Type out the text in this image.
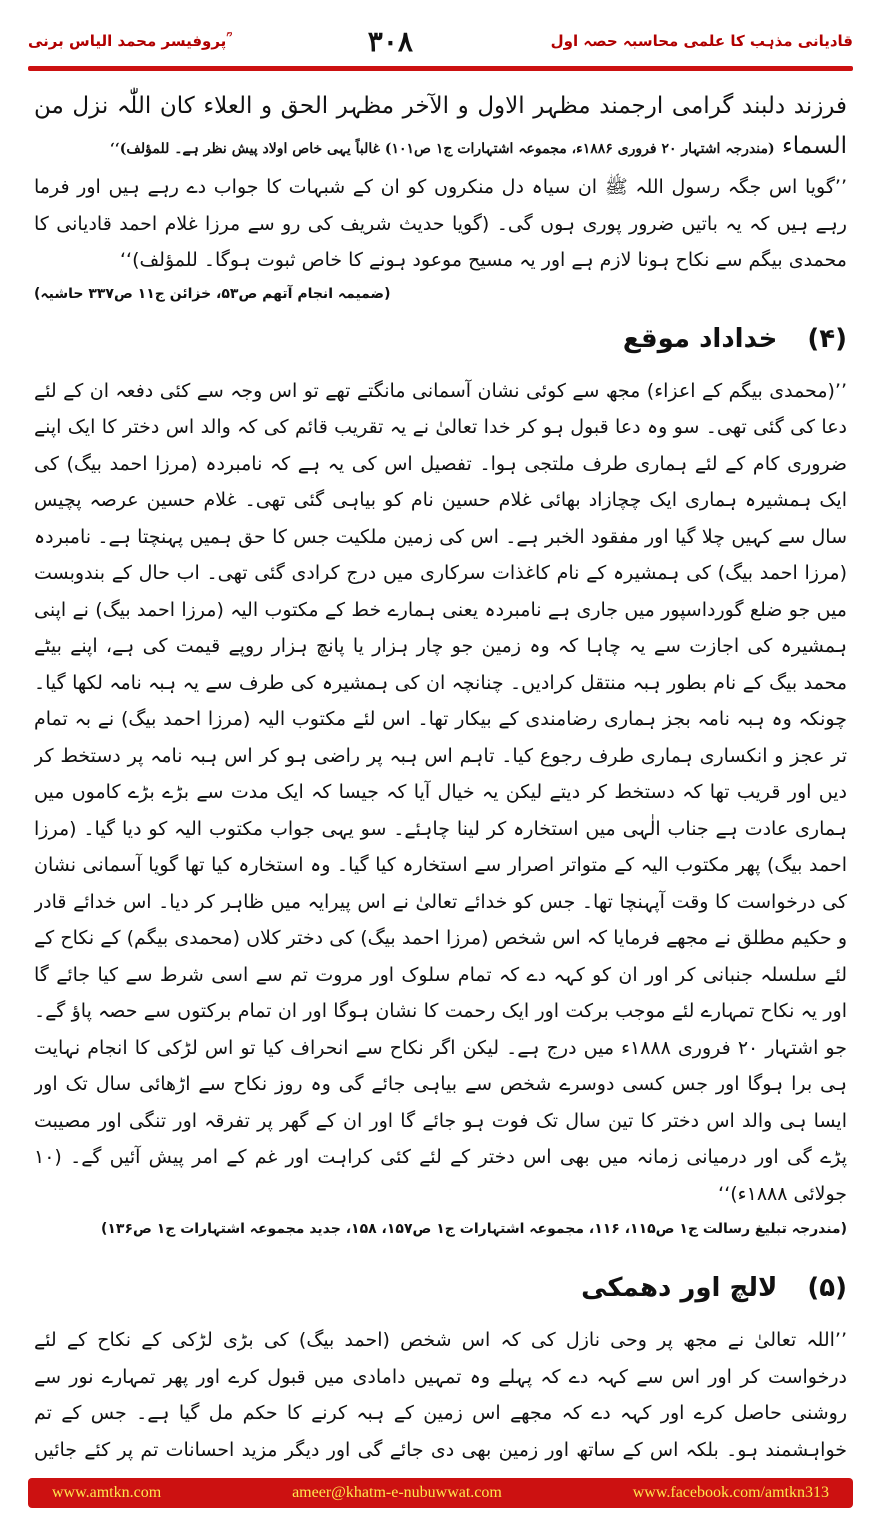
پروفیسر محمد الیاس برنی ؒ	۳۰۸	قادیانی مذہب کا علمی محاسبہ حصہ اول

فرزند دلبند گرامی ارجمند مظہر الاول و الآخر مظہر الحق و العلاء کان اللّٰہ نزل من السماء (مندرجہ اشتہار ۲۰ فروری ۱۸۸۶ء، مجموعہ اشتہارات ج۱ ص۱۰۱) غالباً یہی خاص اولاد پیش نظر ہے۔ للمؤلف)‘‘

’’گویا اس جگہ رسول اللہ ﷺ ان سیاہ دل منکروں کو ان کے شبہات کا جواب دے رہے ہیں اور فرما رہے ہیں کہ یہ باتیں ضرور پوری ہوں گی۔ (گویا حدیث شریف کی رو سے مرزا غلام احمد قادیانی کا محمدی بیگم سے نکاح ہونا لازم ہے اور یہ مسیح موعود ہونے کا خاص ثبوت ہوگا۔ للمؤلف)‘‘

(ضمیمہ انجام آتھم ص۵۳، خزائن ج۱۱ ص۳۳۷ حاشیہ)

(۴)
خداداد موقع

’’(محمدی بیگم کے اعزاء) مجھ سے کوئی نشان آسمانی مانگتے تھے تو اس وجہ سے کئی دفعہ ان کے لئے دعا کی گئی تھی۔ سو وہ دعا قبول ہو کر خدا تعالیٰ نے یہ تقریب قائم کی کہ والد اس دختر کا ایک اپنے ضروری کام کے لئے ہماری طرف ملتجی ہوا۔ تفصیل اس کی یہ ہے کہ نامبردہ (مرزا احمد بیگ) کی ایک ہمشیرہ ہماری ایک چچازاد بھائی غلام حسین نام کو بیاہی گئی تھی۔ غلام حسین عرصہ پچیس سال سے کہیں چلا گیا اور مفقود الخبر ہے۔ اس کی زمین ملکیت جس کا حق ہمیں پہنچتا ہے۔ نامبردہ (مرزا احمد بیگ) کی ہمشیرہ کے نام کاغذات سرکاری میں درج کرادی گئی تھی۔ اب حال کے بندوبست میں جو ضلع گورداسپور میں جاری ہے نامبردہ یعنی ہمارے خط کے مکتوب الیہ (مرزا احمد بیگ) نے اپنی ہمشیرہ کی اجازت سے یہ چاہا کہ وہ زمین جو چار ہزار یا پانچ ہزار روپے قیمت کی ہے، اپنے بیٹے محمد بیگ کے نام بطور ہبہ منتقل کرادیں۔ چنانچہ ان کی ہمشیرہ کی طرف سے یہ ہبہ نامہ لکھا گیا۔ چونکہ وہ ہبہ نامہ بجز ہماری رضامندی کے بیکار تھا۔ اس لئے مکتوب الیہ (مرزا احمد بیگ) نے بہ تمام تر عجز و انکساری ہماری طرف رجوع کیا۔ تاہم اس ہبہ پر راضی ہو کر اس ہبہ نامہ پر دستخط کر دیں اور قریب تھا کہ دستخط کر دیتے لیکن یہ خیال آیا کہ جیسا کہ ایک مدت سے بڑے بڑے کاموں میں ہماری عادت ہے جناب الٰہی میں استخارہ کر لینا چاہئے۔ سو یہی جواب مکتوب الیہ کو دیا گیا۔ (مرزا احمد بیگ) پھر مکتوب الیہ کے متواتر اصرار سے استخارہ کیا گیا۔ وہ استخارہ کیا تھا گویا آسمانی نشان کی درخواست کا وقت آپہنچا تھا۔ جس کو خدائے تعالیٰ نے اس پیرایہ میں ظاہر کر دیا۔ اس خدائے قادر و حکیم مطلق نے مجھے فرمایا کہ اس شخص (مرزا احمد بیگ) کی دختر کلاں (محمدی بیگم) کے نکاح کے لئے سلسلہ جنبانی کر اور ان کو کہہ دے کہ تمام سلوک اور مروت تم سے اسی شرط سے کیا جائے گا اور یہ نکاح تمہارے لئے موجب برکت اور ایک رحمت کا نشان ہوگا اور ان تمام برکتوں سے حصہ پاؤ گے۔ جو اشتہار ۲۰ فروری ۱۸۸۸ء میں درج ہے۔ لیکن اگر نکاح سے انحراف کیا تو اس لڑکی کا انجام نہایت ہی برا ہوگا اور جس کسی دوسرے شخص سے بیاہی جائے گی وہ روز نکاح سے اڑھائی سال تک اور ایسا ہی والد اس دختر کا تین سال تک فوت ہو جائے گا اور ان کے گھر پر تفرقہ اور تنگی اور مصیبت پڑے گی اور درمیانی زمانہ میں بھی اس دختر کے لئے کئی کراہت اور غم کے امر پیش آئیں گے۔ (۱۰ جولائی ۱۸۸۸ء)‘‘

(مندرجہ تبلیغ رسالت ج۱ ص۱۱۵، ۱۱۶، مجموعہ اشتہارات ج۱ ص۱۵۷، ۱۵۸، جدید مجموعہ اشتہارات ج۱ ص۱۳۶)

(۵)
لالچ اور دھمکی

’’اللہ تعالیٰ نے مجھ پر وحی نازل کی کہ اس شخص (احمد بیگ) کی بڑی لڑکی کے نکاح کے لئے درخواست کر اور اس سے کہہ دے کہ پہلے وہ تمہیں دامادی میں قبول کرے اور پھر تمہارے نور سے روشنی حاصل کرے اور کہہ دے کہ مجھے اس زمین کے ہبہ کرنے کا حکم مل گیا ہے۔ جس کے تم خواہشمند ہو۔ بلکہ اس کے ساتھ اور زمین بھی دی جائے گی اور دیگر مزید احسانات تم پر کئے جائیں

www.amtkn.com	ameer@khatm-e-nubuwwat.com	www.facebook.com/amtkn313
